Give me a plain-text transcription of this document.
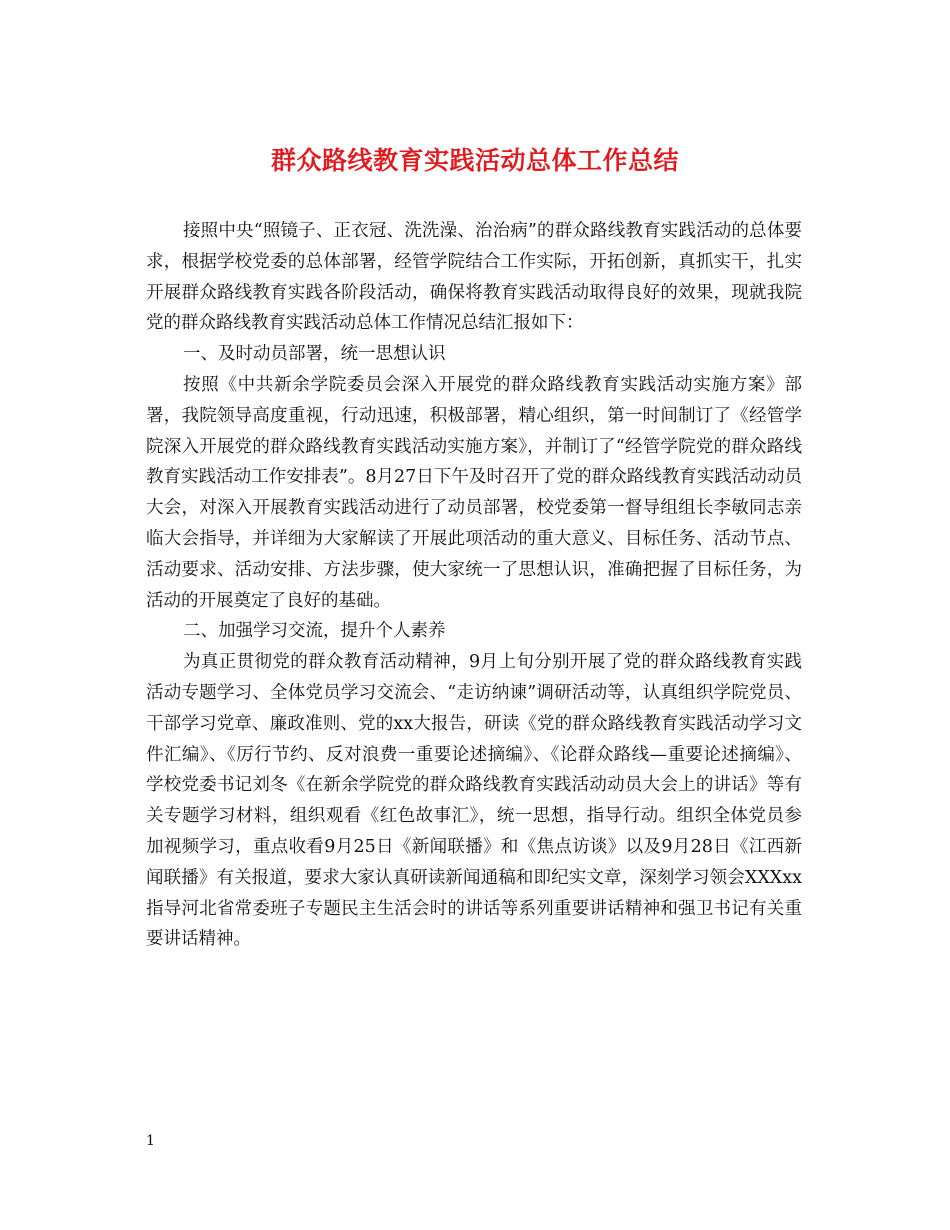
群众路线教育实践活动总体工作总结

接照中央“照镜子、正衣冠、洗洗澡、治治病”的群众路线教育实践活动的总体要求，根据学校党委的总体部署，经管学院结合工作实际，开拓创新，真抓实干，扎实开展群众路线教育实践各阶段活动，确保将教育实践活动取得良好的效果，现就我院党的群众路线教育实践活动总体工作情况总结汇报如下：

一、及时动员部署，统一思想认识

按照《中共新余学院委员会深入开展党的群众路线教育实践活动实施方案》部署，我院领导高度重视，行动迅速，积极部署，精心组织，第一时间制订了《经管学院深入开展党的群众路线教育实践活动实施方案》，并制订了“经管学院党的群众路线教育实践活动工作安排表”。8月27日下午及时召开了党的群众路线教育实践活动动员大会，对深入开展教育实践活动进行了动员部署，校党委第一督导组组长李敏同志亲临大会指导，并详细为大家解读了开展此项活动的重大意义、目标任务、活动节点、活动要求、活动安排、方法步骤，使大家统一了思想认识，准确把握了目标任务，为活动的开展奠定了良好的基础。

二、加强学习交流，提升个人素养

为真正贯彻党的群众教育活动精神，9月上旬分别开展了党的群众路线教育实践活动专题学习、全体党员学习交流会、“走访纳谏”调研活动等，认真组织学院党员、干部学习党章、廉政准则、党的xx大报告，研读《党的群众路线教育实践活动学习文件汇编》、《厉行节约、反对浪费一重要论述摘编》、《论群众路线—重要论述摘编》、学校党委书记刘冬《在新余学院党的群众路线教育实践活动动员大会上的讲话》等有关专题学习材料，组织观看《红色故事汇》，统一思想，指导行动。组织全体党员参加视频学习，重点收看9月25日《新闻联播》和《焦点访谈》以及9月28日《江西新闻联播》有关报道，要求大家认真研读新闻通稿和即纪实文章，深刻学习领会XXXxx指导河北省常委班子专题民主生活会时的讲话等系列重要讲话精神和强卫书记有关重要讲话精神。

1
